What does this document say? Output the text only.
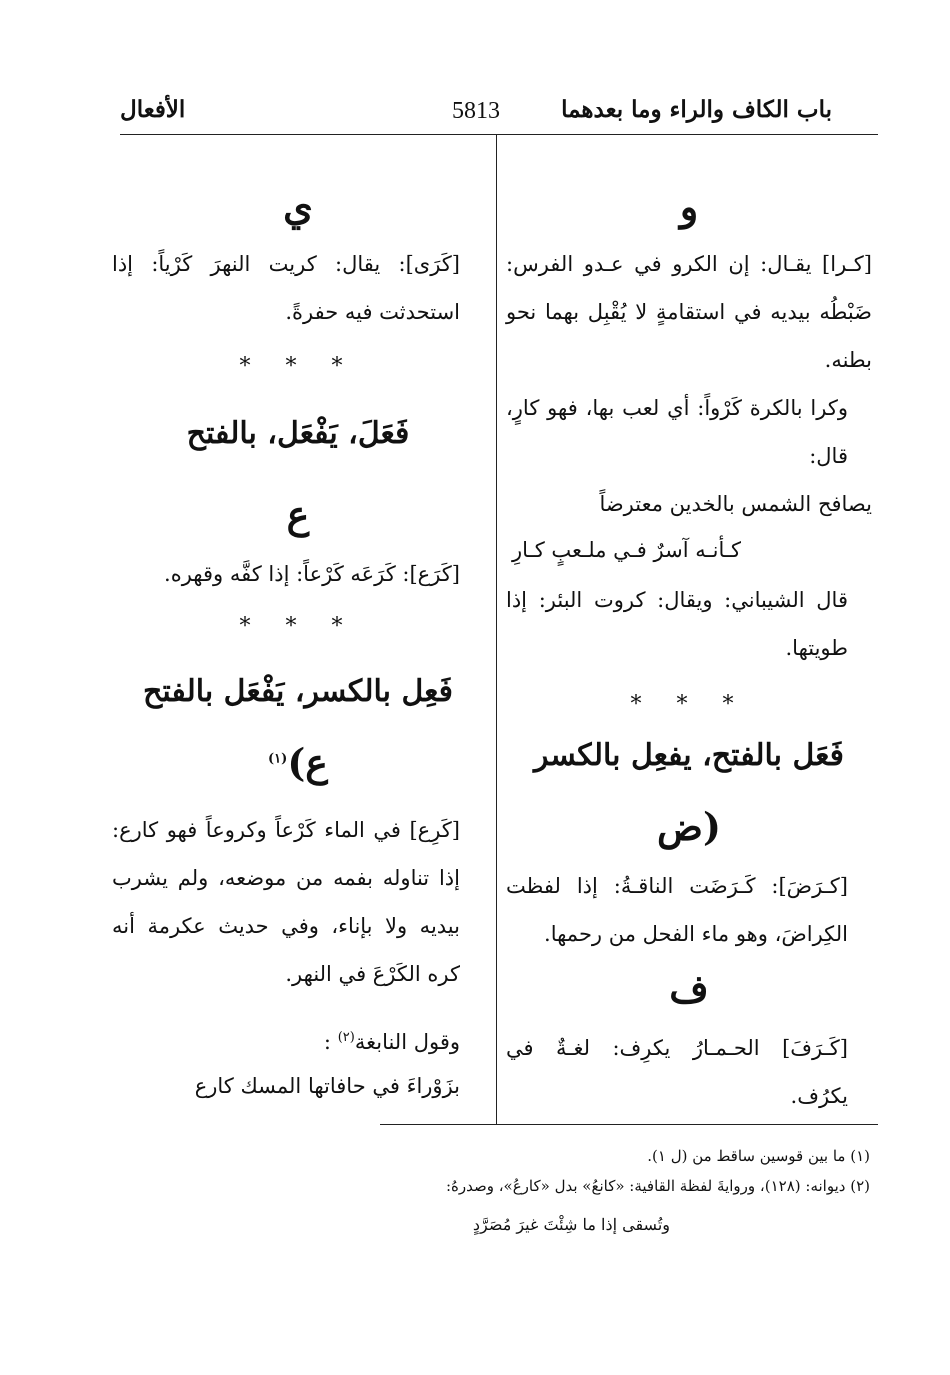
باب الكاف والراء وما بعدهما
5813
الأفعال
و
[كـرا] يقـال: إن الكرو في عـدو الفرس: ضَبْطُه بيديه في استقامةٍ لا يُقْبِل بهما نحو بطنه.
وكرا بالكرة كَرْواً: أي لعب بها، فهو كارٍ، قال:
يصافح الشمس بالخدين معترضاً
كـأنـه آسرٌ فـي ملـعبٍ كـارِ
قال الشيباني: ويقال: كروت البئر: إذا طويتها.
* * *
فَعَل بالفتح، يفعِل بالكسر
(ض
[كـرَضَ]: كَـرَضَت الناقـةُ: إذا لفظت الكِراضَ، وهو ماء الفحل من رحمها.
ف
[كَـرَفَ] الحـمـارُ يكرِف: لغـةٌ في يكرُف.
ي
[كَرَى]: يقال: كريت النهرَ كَرْياً: إذا استحدثت فيه حفرةً.
* * *
فَعَلَ، يَفْعَل، بالفتح
ع
[كَرَع]: كَرَعَه كَرْعاً: إذا كفَّه وقهره.
* * *
فَعِل بالكسر، يَفْعَل بالفتح
ع)$^{(١)}$
[كَرِع] في الماء كَرْعاً وكروعاً فهو كارع: إذا تناوله بفمه من موضعه، ولم يشرب بيديه ولا بإناء، وفي حديث عكرمة أنه كره الكَرْعَ في النهر.
وقول النابغة$^{(٢)}$ :
بزَوْراءَ في حافاتها المسك كارع
(١) ما بين قوسين ساقط من (ل ١).
(٢) ديوانه: (١٢٨)، وروايةَ لفظة القافية: «كانعُ» بدل «كارعُ»، وصدرهُ:
وتُسقى إذا ما شِئْتَ غيرَ مُصَرَّدٍ
